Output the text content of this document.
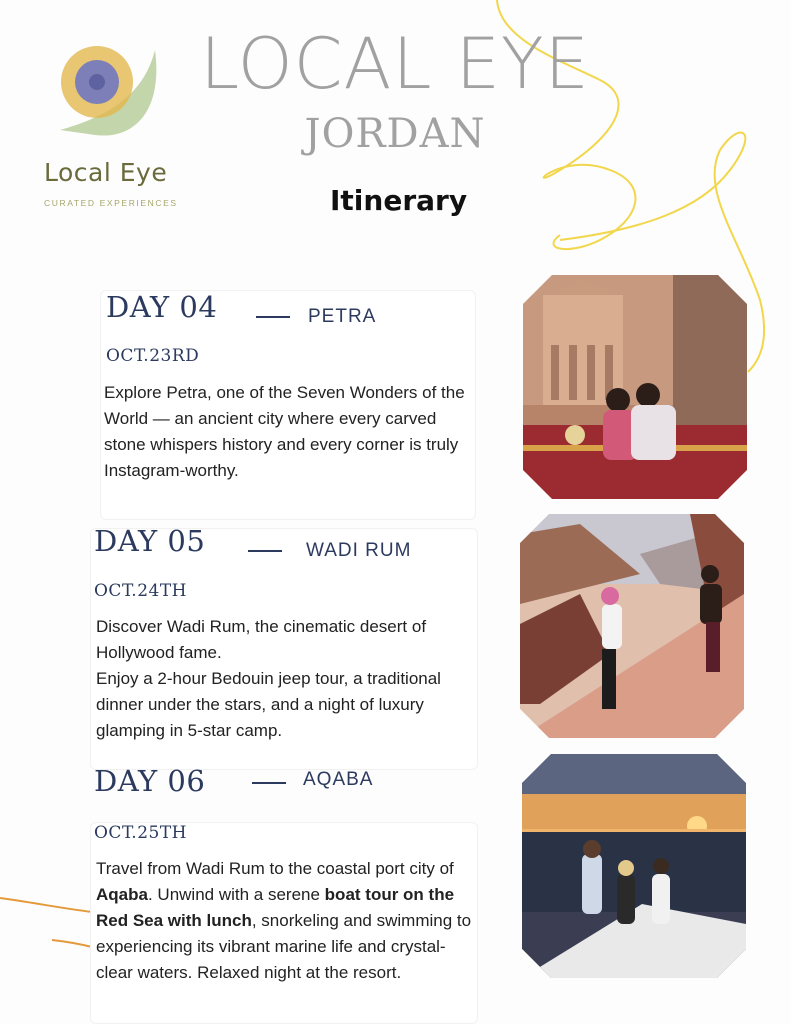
Local Eye
CURATED EXPERIENCES
LOCAL EYE
JORDAN
Itinerary
DAY 04	PETRA
OCT.23RD
Explore Petra, one of the Seven Wonders of the World — an ancient city where every carved stone whispers history and every corner is truly Instagram-worthy.
DAY 05	WADI RUM
OCT.24TH

Discover Wadi Rum, the cinematic desert of Hollywood fame.

Enjoy a 2-hour Bedouin jeep tour, a traditional dinner under the stars, and a night of luxury glamping in 5-star camp.

DAY 06	AQABA
OCT.25TH
Travel from Wadi Rum to the coastal port city of Aqaba. Unwind with a serene boat tour on the Red Sea with lunch, snorkeling and swimming to experiencing its vibrant marine life and crystal-clear waters. Relaxed night at the resort.
